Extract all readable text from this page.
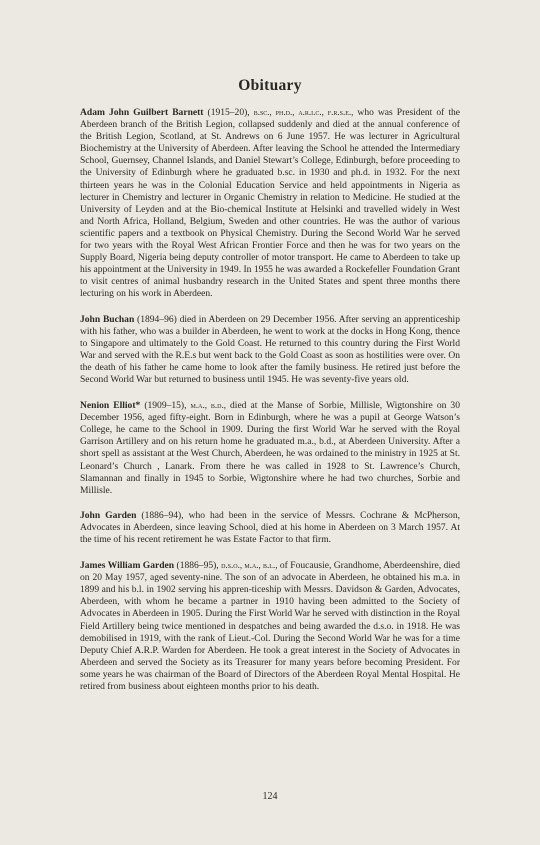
Obituary

Adam John Guilbert Barnett (1915–20), b.sc., ph.d., a.r.i.c., f.r.s.e., who was President of the Aberdeen branch of the British Legion, collapsed suddenly and died at the annual conference of the British Legion, Scotland, at St. Andrews on 6 June 1957. He was lecturer in Agricultural Biochemistry at the University of Aberdeen. After leaving the School he attended the Intermediary School, Guernsey, Channel Islands, and Daniel Stewart’s College, Edinburgh, before proceeding to the University of Edinburgh where he graduated b.sc. in 1930 and ph.d. in 1932. For the next thirteen years he was in the Colonial Education Service and held appointments in Nigeria as lecturer in Chemistry and lecturer in Organic Chemistry in relation to Medicine. He studied at the University of Leyden and at the Bio-chemical Institute at Helsinki and travelled widely in West and North Africa, Holland, Belgium, Sweden and other countries. He was the author of various scientific papers and a textbook on Physical Chemistry. During the Second World War he served for two years with the Royal West African Frontier Force and then he was for two years on the Supply Board, Nigeria being deputy controller of motor transport. He came to Aberdeen to take up his appointment at the University in 1949. In 1955 he was awarded a Rockefeller Foundation Grant to visit centres of animal husbandry research in the United States and spent three months there lecturing on his work in Aberdeen.

John Buchan (1894–96) died in Aberdeen on 29 December 1956. After serving an apprenticeship with his father, who was a builder in Aberdeen, he went to work at the docks in Hong Kong, thence to Singapore and ultimately to the Gold Coast. He returned to this country during the First World War and served with the R.E.s but went back to the Gold Coast as soon as hostilities were over. On the death of his father he came home to look after the family business. He retired just before the Second World War but returned to business until 1945. He was seventy-five years old.

Nenion Elliot* (1909–15), m.a., b.d., died at the Manse of Sorbie, Millisle, Wigtonshire on 30 December 1956, aged fifty-eight. Born in Edinburgh, where he was a pupil at George Watson’s College, he came to the School in 1909. During the first World War he served with the Royal Garrison Artillery and on his return home he graduated m.a., b.d., at Aberdeen University. After a short spell as assistant at the West Church, Aberdeen, he was ordained to the ministry in 1925 at St. Leonard’s Church , Lanark. From there he was called in 1928 to St. Lawrence’s Church, Slamannan and finally in 1945 to Sorbie, Wigtonshire where he had two churches, Sorbie and Millisle.

John Garden (1886–94), who had been in the service of Messrs. Cochrane & McPherson, Advocates in Aberdeen, since leaving School, died at his home in Aberdeen on 3 March 1957. At the time of his recent retirement he was Estate Factor to that firm.

James William Garden (1886–95), d.s.o., m.a., b.l., of Foucausie, Grandhome, Aberdeenshire, died on 20 May 1957, aged seventy-nine. The son of an advocate in Aberdeen, he obtained his m.a. in 1899 and his b.l. in 1902 serving his appren-ticeship with Messrs. Davidson & Garden, Advocates, Aberdeen, with whom he became a partner in 1910 having been admitted to the Society of Advocates in Aberdeen in 1905. During the First World War he served with distinction in the Royal Field Artillery being twice mentioned in despatches and being awarded the d.s.o. in 1918. He was demobilised in 1919, with the rank of Lieut.-Col. During the Second World War he was for a time Deputy Chief A.R.P. Warden for Aberdeen. He took a great interest in the Society of Advocates in Aberdeen and served the Society as its Treasurer for many years before becoming President. For some years he was chairman of the Board of Directors of the Aberdeen Royal Mental Hospital. He retired from business about eighteen months prior to his death.

124
